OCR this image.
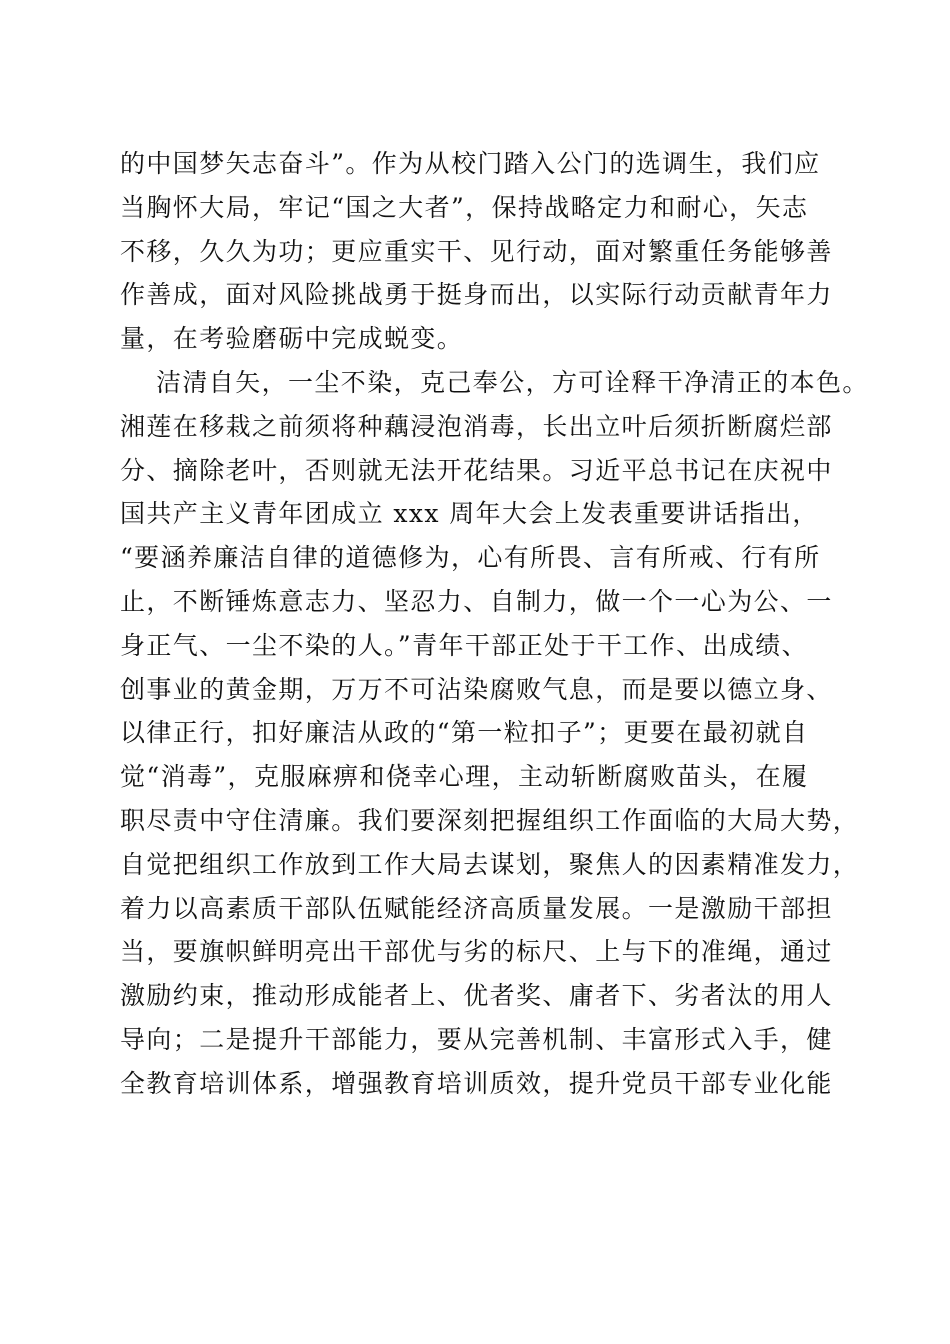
的中国梦矢志奋斗”。作为从校门踏入公门的选调生，我们应
当胸怀大局，牢记“国之大者”，保持战略定力和耐心，矢志
不移，久久为功；更应重实干、见行动，面对繁重任务能够善
作善成，面对风险挑战勇于挺身而出，以实际行动贡献青年力
量，在考验磨砺中完成蜕变。
洁清自矢，一尘不染，克己奉公，方可诠释干净清正的本色。
湘莲在移栽之前须将种藕浸泡消毒，长出立叶后须折断腐烂部
分、摘除老叶，否则就无法开花结果。习近平总书记在庆祝中
国共产主义青年团成立 xxx 周年大会上发表重要讲话指出，
“要涵养廉洁自律的道德修为，心有所畏、言有所戒、行有所
止，不断锤炼意志力、坚忍力、自制力，做一个一心为公、一
身正气、一尘不染的人。”青年干部正处于干工作、出成绩、
创事业的黄金期，万万不可沾染腐败气息，而是要以德立身、
以律正行，扣好廉洁从政的“第一粒扣子”；更要在最初就自
觉“消毒”，克服麻痹和侥幸心理，主动斩断腐败苗头，在履
职尽责中守住清廉。我们要深刻把握组织工作面临的大局大势，
自觉把组织工作放到工作大局去谋划，聚焦人的因素精准发力，
着力以高素质干部队伍赋能经济高质量发展。一是激励干部担
当，要旗帜鲜明亮出干部优与劣的标尺、上与下的准绳，通过
激励约束，推动形成能者上、优者奖、庸者下、劣者汰的用人
导向；二是提升干部能力，要从完善机制、丰富形式入手，健
全教育培训体系，增强教育培训质效，提升党员干部专业化能
